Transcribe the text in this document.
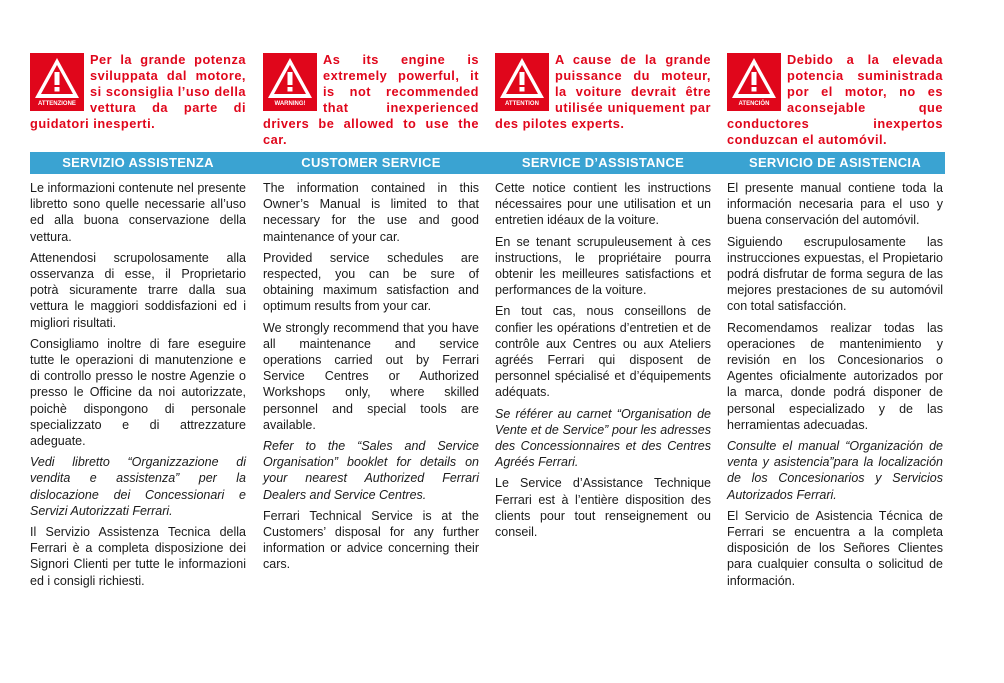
ATTENZIONE
Per la grande potenza sviluppata dal motore, si sconsiglia l’uso della vettura da parte di guidatori inesperti.
WARNING!
As its engine is extremely powerful, it is not recommended that inexperienced drivers be allowed to use the car.
ATTENTION
A cause de la grande puissance du moteur, la voiture devrait être utilisée uniquement par des pilotes experts.
ATENCIÓN
Debido a la elevada potencia suministrada por el motor, no es aconsejable que conductores inexpertos conduzcan el automóvil.
SERVIZIO ASSISTENZA	CUSTOMER SERVICE	SERVICE D’ASSISTANCE	SERVICIO DE ASISTENCIA

Le informazioni contenute nel presente libretto sono quelle necessarie all’uso ed alla buona conservazione della vettura.

Attenendosi scrupolosamente alla osservanza di esse, il Proprietario potrà sicuramente trarre dalla sua vettura le maggiori soddisfazioni ed i migliori risultati.

Consigliamo inoltre di fare eseguire tutte le operazioni di manutenzione e di controllo presso le nostre Agenzie o presso le Officine da noi autorizzate, poichè dispongono di personale specializzato e di attrezzature adeguate.

Vedi libretto “Organizzazione di vendita e assistenza” per la dislocazione dei Concessionari e Servizi Autorizzati Ferrari.

Il Servizio Assistenza Tecnica della Ferrari è a completa disposizione dei Signori Clienti per tutte le informazioni ed i consigli richiesti.

The information contained in this Owner’s Manual is limited to that necessary for the use and good maintenance of your car.

Provided service schedules are respected, you can be sure of obtaining maximum satisfaction and optimum results from your car.

We strongly recommend that you have all maintenance and service operations carried out by Ferrari Service Centres or Authorized Workshops only, where skilled personnel and special tools are available.

Refer to the “Sales and Service Organisation” booklet for details on your nearest Authorized Ferrari Dealers and Service Centres.

Ferrari Technical Service is at the Customers’ disposal for any further information or advice concerning their cars.

Cette notice contient les instructions nécessaires pour une utilisation et un entretien idéaux de la voiture.

En se tenant scrupuleusement à ces instructions, le propriétaire pourra obtenir les meilleures satisfactions et performances de la voiture.

En tout cas, nous conseillons de confier les opérations d’entretien et de contrôle aux Centres ou aux Ateliers agréés Ferrari qui disposent de personnel spécialisé et d’équipements adéquats.

Se référer au carnet “Organisation de Vente et de Service” pour les adresses des Concessionnaires et des Centres Agréés Ferrari.

Le Service d’Assistance Technique Ferrari est à l’entière disposition des clients pour tout renseignement ou conseil.

El presente manual contiene toda la información necesaria para el uso y buena conservación del automóvil.

Siguiendo escrupulosamente las instrucciones expuestas, el Propietario podrá disfrutar de forma segura de las mejores prestaciones de su automóvil con total satisfacción.

Recomendamos realizar todas las operaciones de mantenimiento y revisión en los Concesionarios o Agentes oficialmente autorizados por la marca, donde podrá disponer de personal especializado y de las herramientas adecuadas.

Consulte el manual “Organización de venta y asistencia”para la localización de los Concesionarios y Servicios Autorizados Ferrari.

El Servicio de Asistencia Técnica de Ferrari se encuentra a la completa disposición de los Señores Clientes para cualquier consulta o solicitud de información.
